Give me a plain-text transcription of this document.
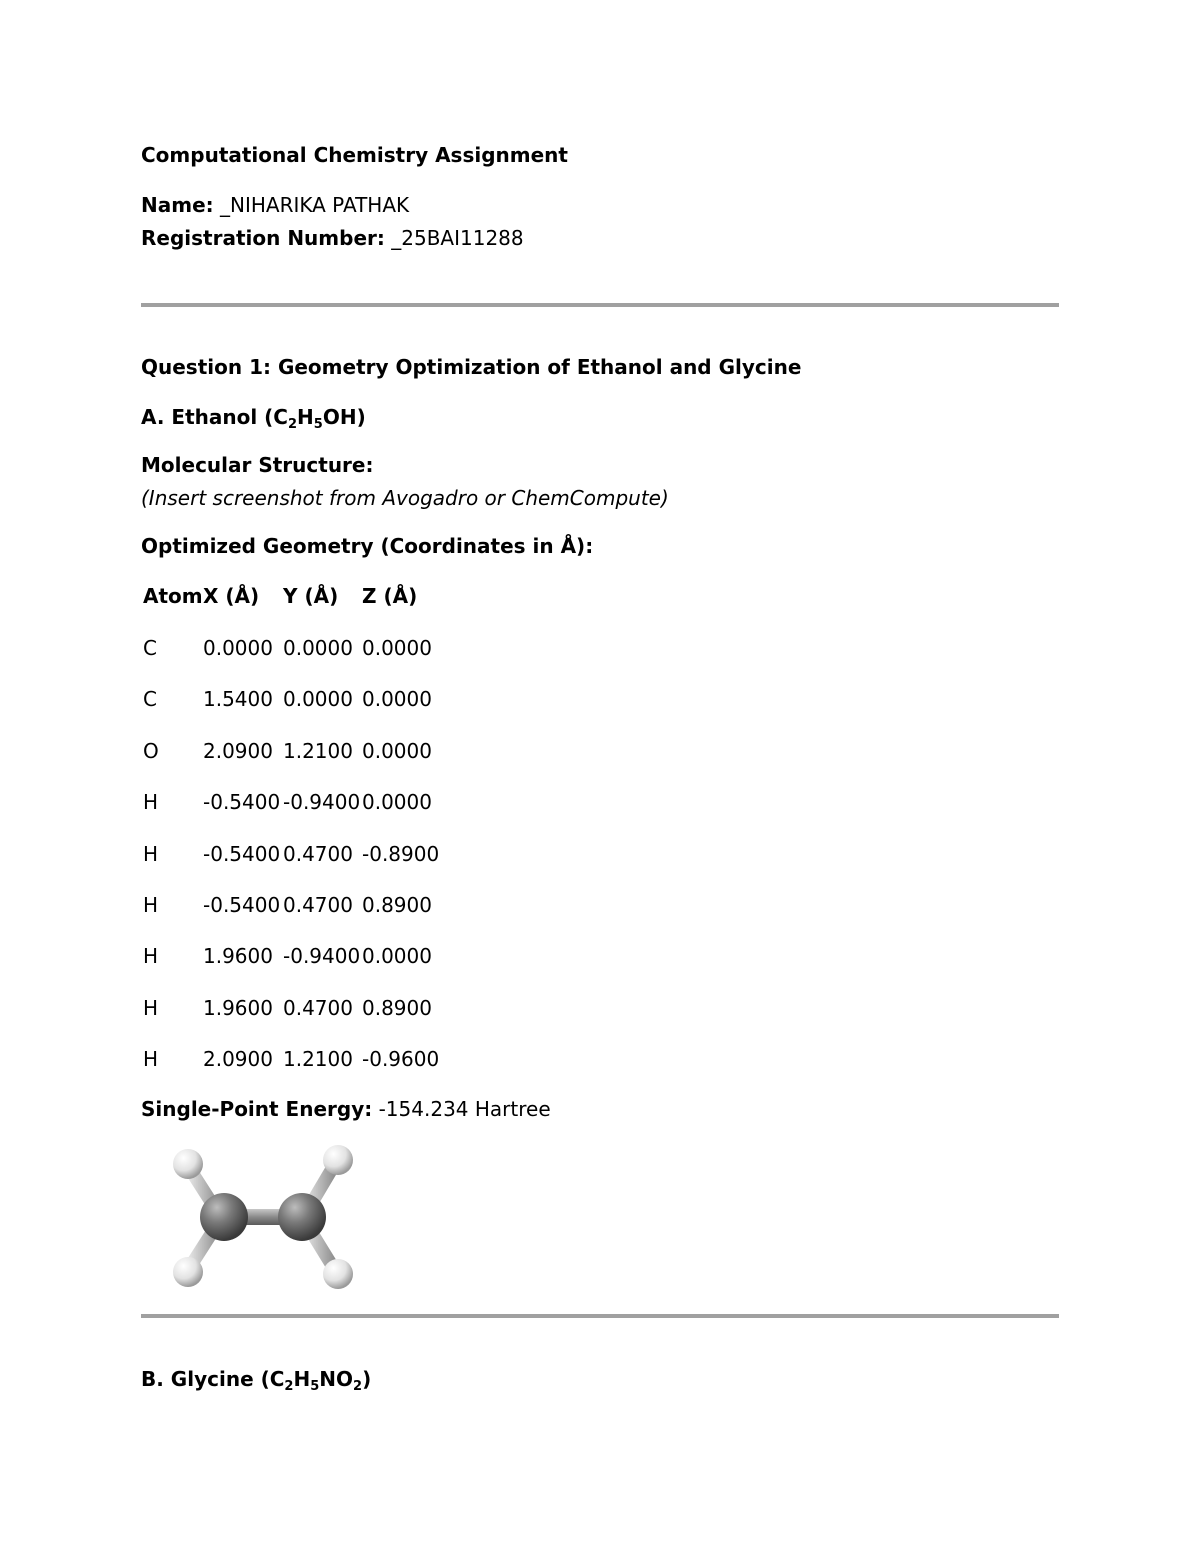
Computational Chemistry Assignment
Name: _NIHARIKA PATHAK
Registration Number: _25BAI11288
Question 1: Geometry Optimization of Ethanol and Glycine
A. Ethanol $(C_2H_5OH)$
Molecular Structure:
(Insert screenshot from Avogadro or ChemCompute)
Optimized Geometry (Coordinates in Å):
Atom X (Å) Y (Å) Z (Å)
C 0.0000 0.0000 0.0000
C 1.5400 0.0000 0.0000
O 2.0900 1.2100 0.0000
H -0.5400 -0.9400 0.0000
H -0.5400 0.4700 -0.8900
H -0.5400 0.4700 0.8900
H 1.9600 -0.9400 0.0000
H 1.9600 0.4700 0.8900
H 2.0900 1.2100 -0.9600
Single-Point Energy: -154.234 Hartree
B. Glycine $(C_2H_5NO_2)$
